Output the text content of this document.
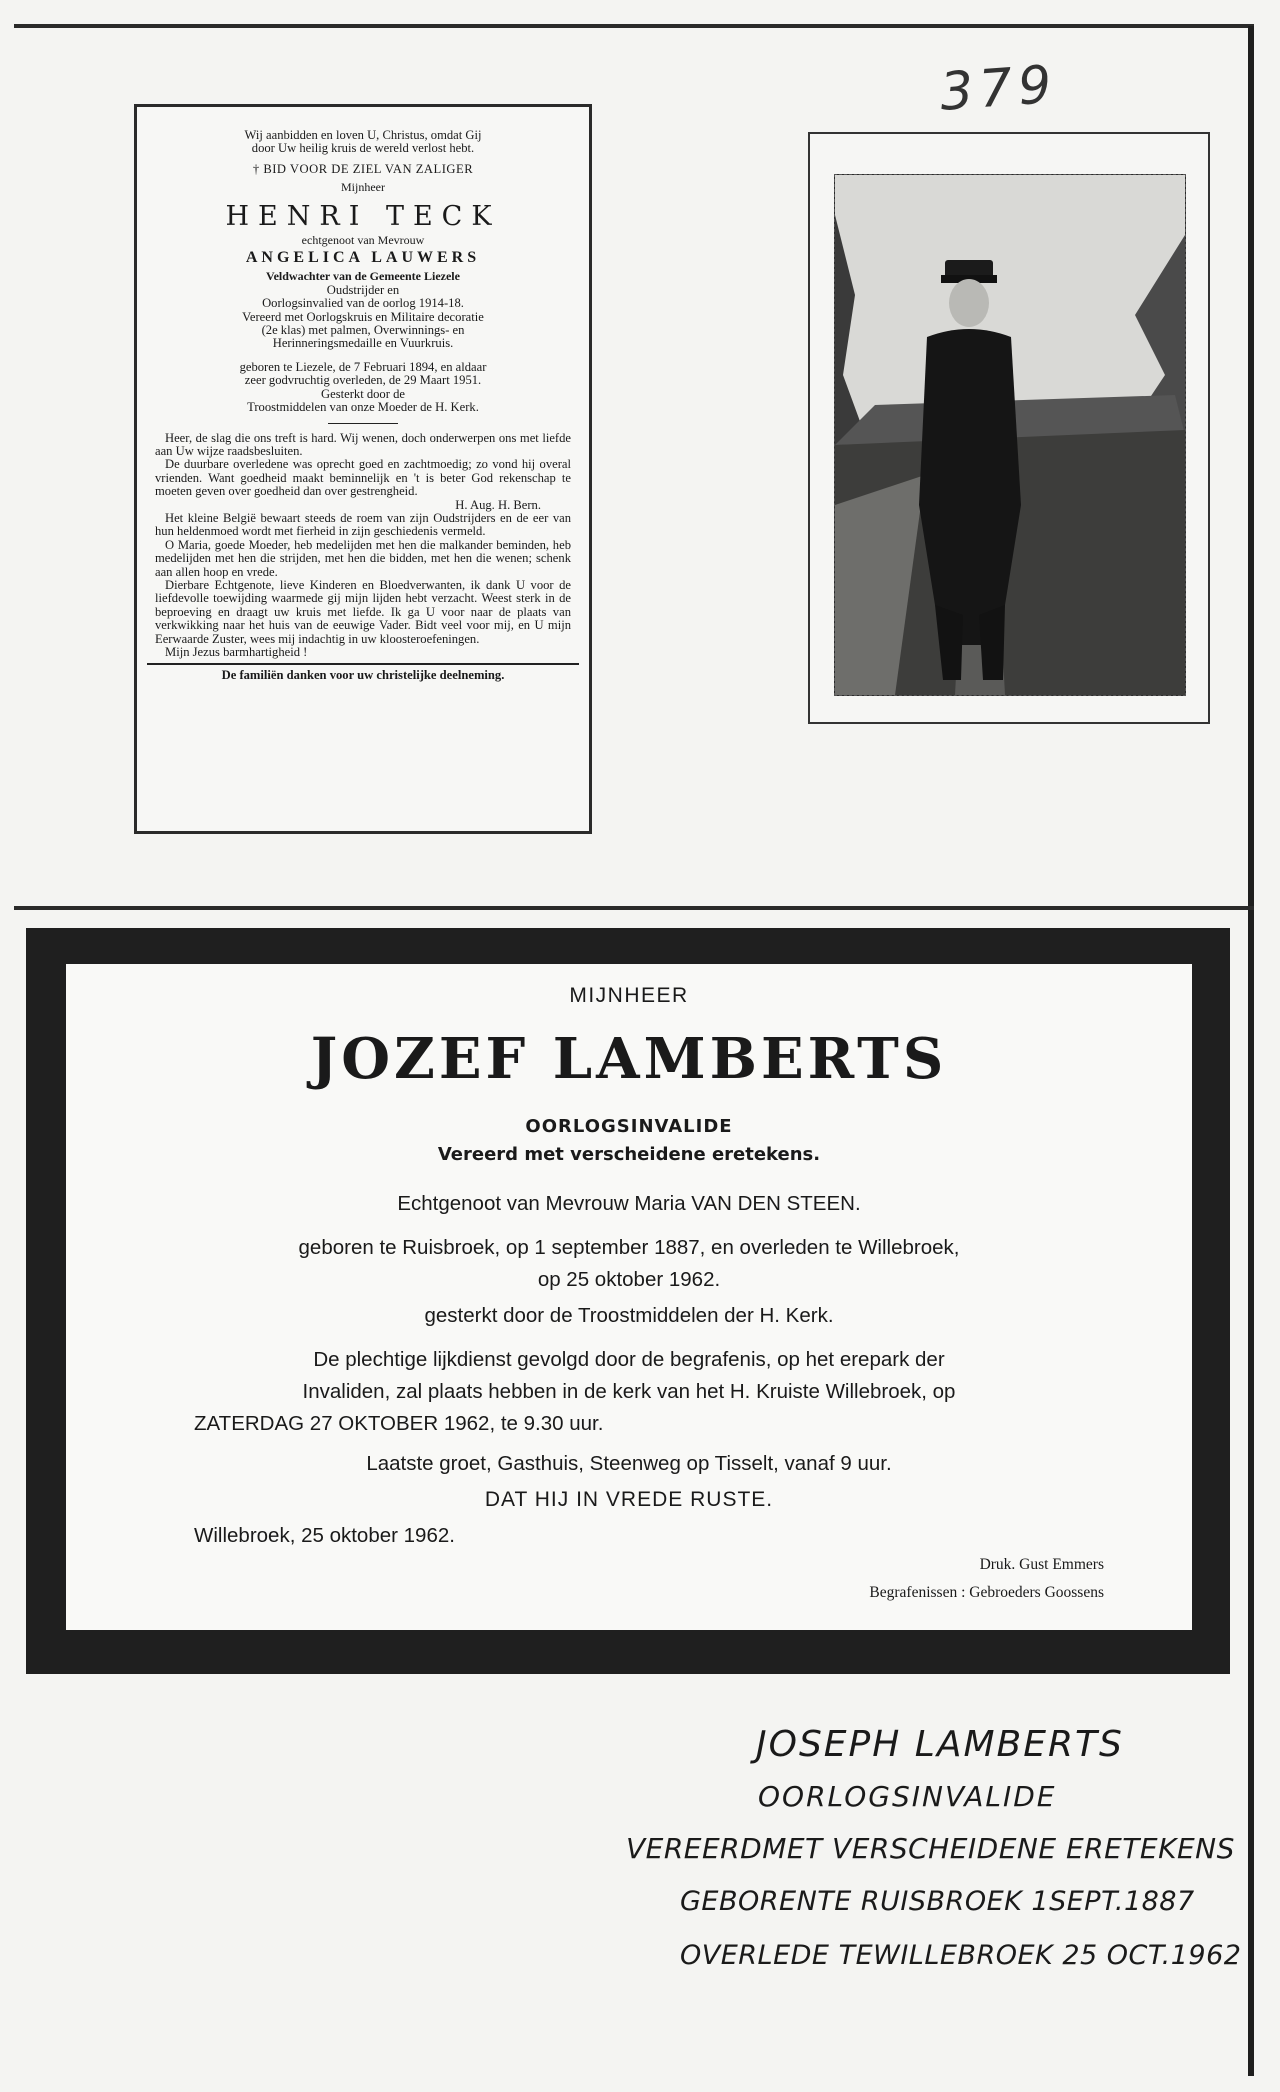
379
Wij aanbidden en loven U, Christus, omdat Gij
door Uw heilig kruis de wereld verlost hebt.
† BID VOOR DE ZIEL VAN ZALIGER
Mijnheer
HENRI TECK
echtgenoot van Mevrouw
ANGELICA LAUWERS
Veldwachter van de Gemeente Liezele
Oudstrijder en
Oorlogsinvalied van de oorlog 1914-18.
Vereerd met Oorlogskruis en Militaire decoratie
(2e klas) met palmen, Overwinnings- en
Herinneringsmedaille en Vuurkruis.
geboren te Liezele, de 7 Februari 1894, en aldaar
zeer godvruchtig overleden, de 29 Maart 1951.
Gesterkt door de
Troostmiddelen van onze Moeder de H. Kerk.

Heer, de slag die ons treft is hard. Wij wenen, doch onderwerpen ons met liefde aan Uw wijze raadsbesluiten.

De duurbare overledene was oprecht goed en zachtmoedig; zo vond hij overal vrienden. Want goedheid maakt beminnelijk en 't is beter God rekenschap te moeten geven over goedheid dan over gestrengheid.

H. Aug. H. Bern.

Het kleine België bewaart steeds de roem van zijn Oudstrijders en de eer van hun heldenmoed wordt met fierheid in zijn geschiedenis vermeld.

O Maria, goede Moeder, heb medelijden met hen die malkander beminden, heb medelijden met hen die strijden, met hen die bidden, met hen die wenen; schenk aan allen hoop en vrede.

Dierbare Echtgenote, lieve Kinderen en Bloedverwanten, ik dank U voor de liefdevolle toewijding waarmede gij mijn lijden hebt verzacht. Weest sterk in de beproeving en draagt uw kruis met liefde. Ik ga U voor naar de plaats van verkwikking naar het huis van de eeuwige Vader. Bidt veel voor mij, en U mijn Eerwaarde Zuster, wees mij indachtig in uw kloosteroefeningen.

Mijn Jezus barmhartigheid !

De familiën danken voor uw christelijke deelneming.
MIJNHEER
JOZEF LAMBERTS
OORLOGSINVALIDE
Vereerd met verscheidene eretekens.
Echtgenoot van Mevrouw Maria VAN DEN STEEN.
geboren te Ruisbroek, op 1 september 1887, en overleden te Willebroek,
op 25 oktober 1962.
gesterkt door de Troostmiddelen der H. Kerk.
De plechtige lijkdienst gevolgd door de begrafenis, op het erepark der
Invaliden, zal plaats hebben in de kerk van het H. Kruiste Willebroek, op
ZATERDAG 27 OKTOBER 1962, te 9.30 uur.
Laatste groet, Gasthuis, Steenweg op Tisselt, vanaf 9 uur.
DAT HIJ IN VREDE RUSTE.
Willebroek, 25 oktober 1962.
Druk. Gust Emmers
Begrafenissen : Gebroeders Goossens
JOSEPH LAMBERTS
OORLOGSINVALIDE
VEREERDMET VERSCHEIDENE ERETEKENS
GEBORENTE RUISBROEK 1SEPT.1887
OVERLEDE TEWILLEBROEK 25 OCT.1962
